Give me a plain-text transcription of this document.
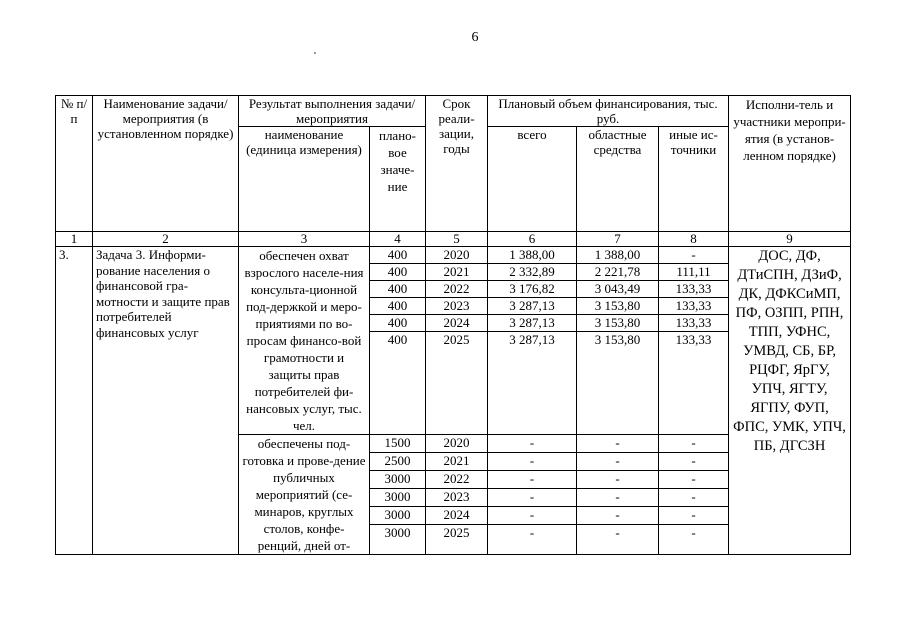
6
№ п/п	Наименование задачи/мероприятия (в установленном порядке)	Результат выполнения задачи/мероприятия		Срок реали-зации, годы	Плановый объем финансирования, тыс. руб.			Исполни-тель и участники меропри-ятия (в установ-ленном порядке)
		наименование (единица измерения)	плано-вое значе-ние		всего	областные средства	иные ис-точники	
1	2	3	4	5	6	7	8	9
3.	Задача 3. Информи-рование населения о финансовой гра-мотности и защите прав потребителей финансовых услуг	обеспечен охват взрослого населе-ния консульта-ционной под-держкой и меро-приятиями по во-просам финансо-вой грамотности и защиты прав потребителей фи-нансовых услуг, тыс. чел.	400	2020	1 388,00	1 388,00	-	ДОС, ДФ, ДТиСПН, ДЗиФ, ДК, ДФКСиМП, ПФ, ОЗПП, РПН, ТПП, УФНС, УМВД, СБ, БР, РЦФГ, ЯрГУ, УПЧ, ЯГТУ, ЯГПУ, ФУП, ФПС, УМК, УПЧ, ПБ, ДГСЗН
			400	2021	2 332,89	2 221,78	111,11	
			400	2022	3 176,82	3 043,49	133,33	
			400	2023	3 287,13	3 153,80	133,33	
			400	2024	3 287,13	3 153,80	133,33	
			400	2025	3 287,13	3 153,80	133,33	

		обеспечены под-готовка и прове-дение публичных мероприятий (се-минаров, круглых столов, конфе-ренций, дней от-	1500	2020	-	-	-	
			2500	2021	-	-	-	
			3000	2022	-	-	-	
			3000	2023	-	-	-	
			3000	2024	-	-	-	
			3000	2025	-	-	-	
